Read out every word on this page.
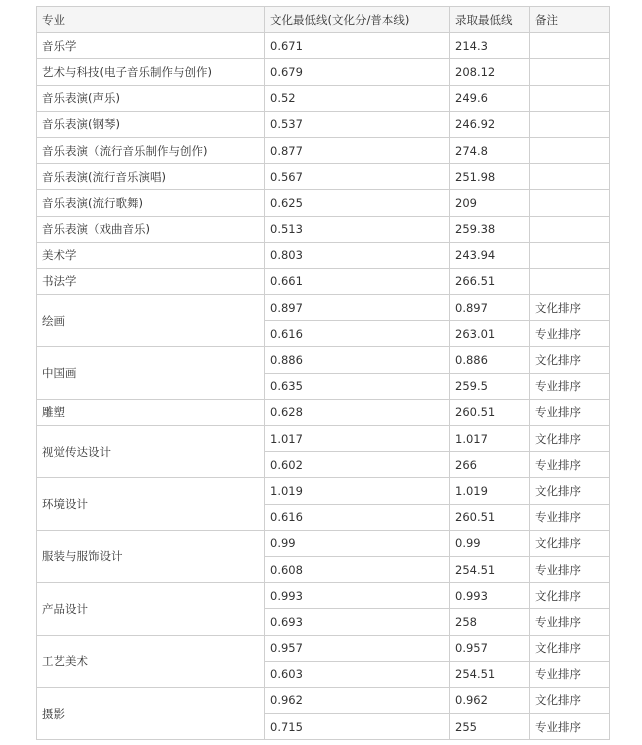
专业	文化最低线(文化分/普本线)	录取最低线	备注
音乐学	0.671	214.3	
艺术与科技(电子音乐制作与创作)	0.679	208.12	
音乐表演(声乐)	0.52	249.6	
音乐表演(钢琴)	0.537	246.92	
音乐表演（流行音乐制作与创作)	0.877	274.8	
音乐表演(流行音乐演唱)	0.567	251.98	
音乐表演(流行歌舞)	0.625	209	
音乐表演（戏曲音乐)	0.513	259.38	
美术学	0.803	243.94	
书法学	0.661	266.51	
绘画	0.897	0.897	文化排序
	0.616	263.01	专业排序
中国画	0.886	0.886	文化排序
	0.635	259.5	专业排序
雕塑	0.628	260.51	专业排序
视觉传达设计	1.017	1.017	文化排序
	0.602	266	专业排序
环境设计	1.019	1.019	文化排序
	0.616	260.51	专业排序
服装与服饰设计	0.99	0.99	文化排序
	0.608	254.51	专业排序
产品设计	0.993	0.993	文化排序
	0.693	258	专业排序
工艺美术	0.957	0.957	文化排序
	0.603	254.51	专业排序
摄影	0.962	0.962	文化排序
	0.715	255	专业排序
